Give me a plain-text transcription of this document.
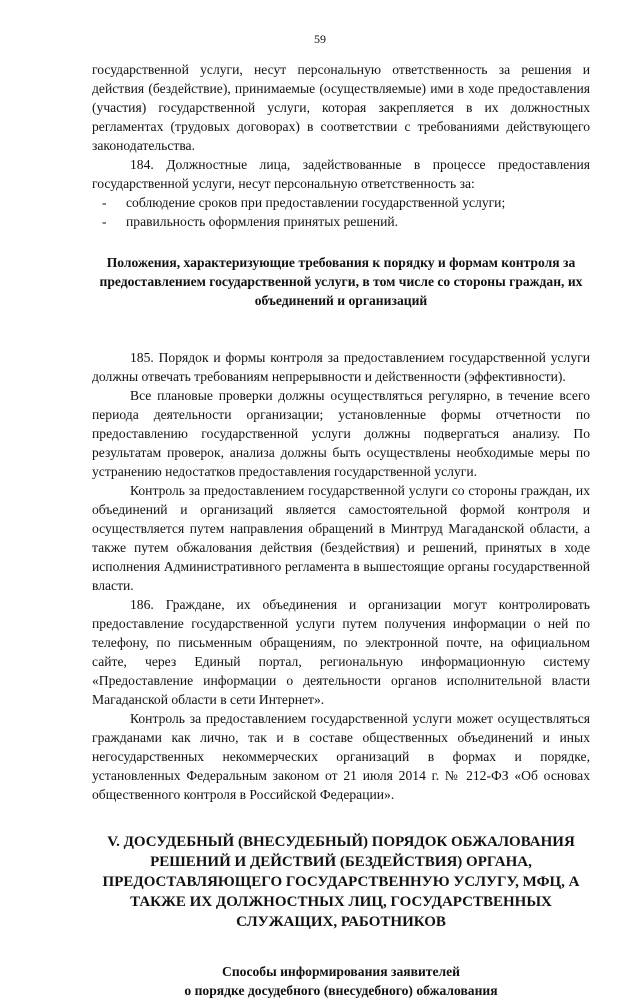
59

государственной услуги, несут персональную ответственность за решения и действия (бездействие), принимаемые (осуществляемые) ими в ходе предоставления (участия) государственной услуги, которая закрепляется в их должностных регламентах (трудовых договорах) в соответствии с требованиями действующего законодательства.

184. Должностные лица, задействованные в процессе предоставления государственной услуги, несут персональную ответственность за:

- соблюдение сроков при предоставлении государственной услуги;
- правильность оформления принятых решений.
Положения, характеризующие требования к порядку и формам контроля за предоставлением государственной услуги, в том числе со стороны граждан, их объединений и организаций

185. Порядок и формы контроля за предоставлением государственной услуги должны отвечать требованиям непрерывности и действенности (эффективности).

Все плановые проверки должны осуществляться регулярно, в течение всего периода деятельности организации; установленные формы отчетности по предоставлению государственной услуги должны подвергаться анализу. По результатам проверок, анализа должны быть осуществлены необходимые меры по устранению недостатков предоставления государственной услуги.

Контроль за предоставлением государственной услуги со стороны граждан, их объединений и организаций является самостоятельной формой контроля и осуществляется путем направления обращений в Минтруд Магаданской области, а также путем обжалования действия (бездействия) и решений, принятых в ходе исполнения Административного регламента в вышестоящие органы государственной власти.

186. Граждане, их объединения и организации могут контролировать предоставление государственной услуги путем получения информации о ней по телефону, по письменным обращениям, по электронной почте, на официальном сайте, через Единый портал, региональную информационную систему «Предоставление информации о деятельности органов исполнительной власти Магаданской области в сети Интернет».

Контроль за предоставлением государственной услуги может осуществляться гражданами как лично, так и в составе общественных объединений и иных негосударственных некоммерческих организаций в формах и порядке, установленных Федеральным законом от 21 июля 2014 г. № 212-ФЗ «Об основах общественного контроля в Российской Федерации».

V. ДОСУДЕБНЫЙ (ВНЕСУДЕБНЫЙ) ПОРЯДОК ОБЖАЛОВАНИЯ РЕШЕНИЙ И ДЕЙСТВИЙ (БЕЗДЕЙСТВИЯ) ОРГАНА, ПРЕДОСТАВЛЯЮЩЕГО ГОСУДАРСТВЕННУЮ УСЛУГУ, МФЦ, А ТАКЖЕ ИХ ДОЛЖНОСТНЫХ ЛИЦ, ГОСУДАРСТВЕННЫХ СЛУЖАЩИХ, РАБОТНИКОВ
Способы информирования заявителей
о порядке досудебного (внесудебного) обжалования
